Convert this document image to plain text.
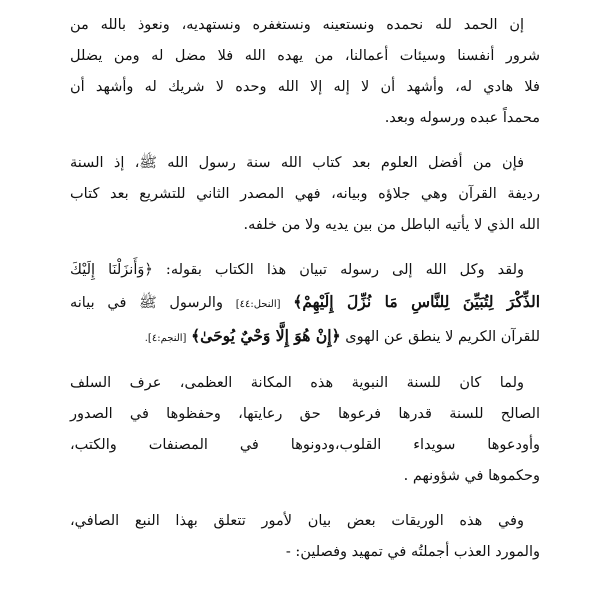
إن الحمد لله نحمده ونستعينه ونستغفره ونستهديه، ونعوذ بالله من
شرور أنفسنا وسيئات أعمالنا، من يهده الله فلا مضل له ومن يضلل
فلا هادي له، وأشهد أن لا إله إلا الله وحده لا شريك له وأشهد أن
محمداً عبده ورسوله وبعد.
فإن من أفضل العلوم بعد كتاب الله سنة رسول الله ﷺ، إذ السنة
رديفة القرآن وهي جلاؤه وبيانه، فهي المصدر الثاني للتشريع بعد كتاب
الله الذي لا يأتيه الباطل من بين يديه ولا من خلفه.
ولقد وكل الله إلى رسوله تبيان هذا الكتاب بقوله: ﴿وَأَنزَلْنَا إِلَيْكَ
الذِّكْرَ لِتُبَيِّنَ لِلنَّاسِ مَا نُزِّلَ إِلَيْهِمْ﴾ [النحل:٤٤] والرسول ﷺ في بيانه
للقرآن الكريم لا ينطق عن الهوى ﴿إِنْ هُوَ إِلَّا وَحْيٌ يُوحَىٰ﴾ [النجم:٤].
ولما كان للسنة النبوية هذه المكانة العظمى، عرف السلف
الصالح للسنة قدرها فرعوها حق رعايتها، وحفظوها في الصدور
وأودعوها سويداء القلوب،ودونوها في المصنفات والكتب،
وحكموها في شؤونهم .
وفي هذه الوريقات بعض بيان لأمور تتعلق بهذا النبع الصافي،
والمورد العذب أجملتُه في تمهيد وفصلين: -
